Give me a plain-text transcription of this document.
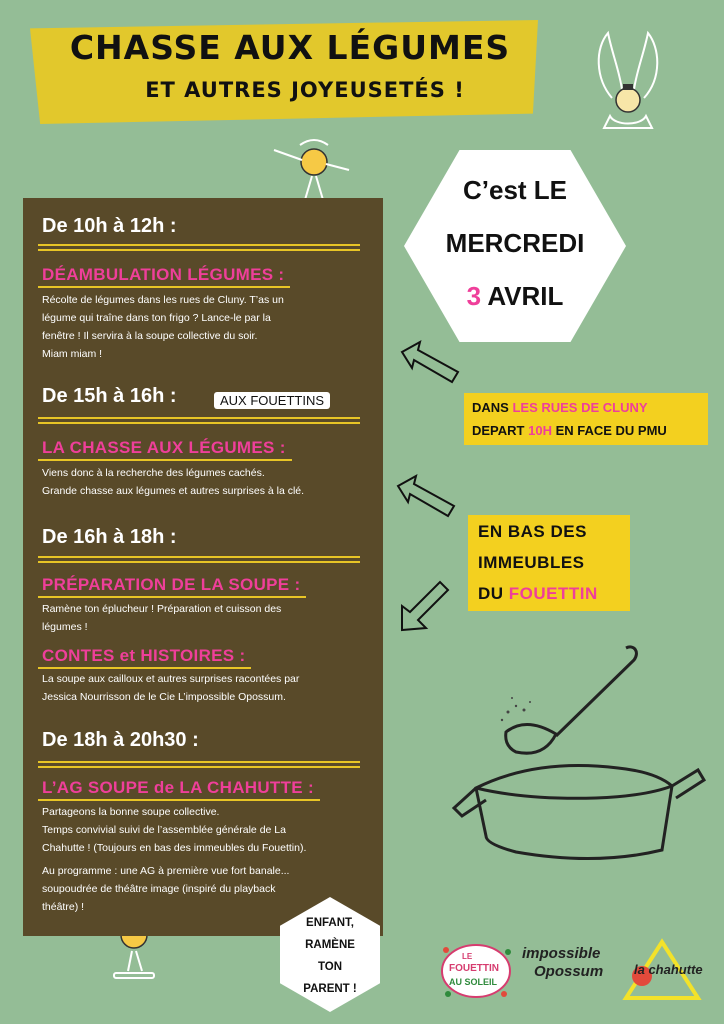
CHASSE AUX LÉGUMES
ET AUTRES JOYEUSETÉS !
De 10h à 12h :
DÉAMBULATION LÉGUMES :
Récolte de légumes dans les rues de Cluny. T’as un
légume qui traîne dans ton frigo ? Lance-le par la
fenêtre ! Il servira à la soupe collective du soir.
Miam miam !
De 15h à 16h :	AUX FOUETTINS
LA CHASSE AUX LÉGUMES :
Viens donc à la recherche des légumes cachés.
Grande chasse aux légumes et autres surprises à la clé.
De 16h à 18h :
PRÉPARATION DE LA SOUPE :
Ramène ton éplucheur ! Préparation et cuisson des
légumes !
CONTES et HISTOIRES :
La soupe aux cailloux et autres surprises racontées par
Jessica Nourrisson de le Cie L’impossible Opossum.
De 18h à 20h30 :
L’AG SOUPE de LA CHAHUTTE :
Partageons la bonne soupe collective.
Temps convivial suivi de l’assemblée générale de La
Chahutte ! (Toujours en bas des immeubles du Fouettin).
Au programme : une AG à première vue fort banale...
soupoudrée de théâtre image (inspiré du playback
théâtre) !
C’est LE
MERCREDI
3 AVRIL
DANS LES RUES DE CLUNY
DEPART 10H EN FACE DU PMU
EN BAS DES
IMMEUBLES
DU FOUETTIN
ENFANT,
RAMÈNE
TON
PARENT !
LE
FOUETTIN
AU SOLEIL
impossible
Opossum la chahutte
